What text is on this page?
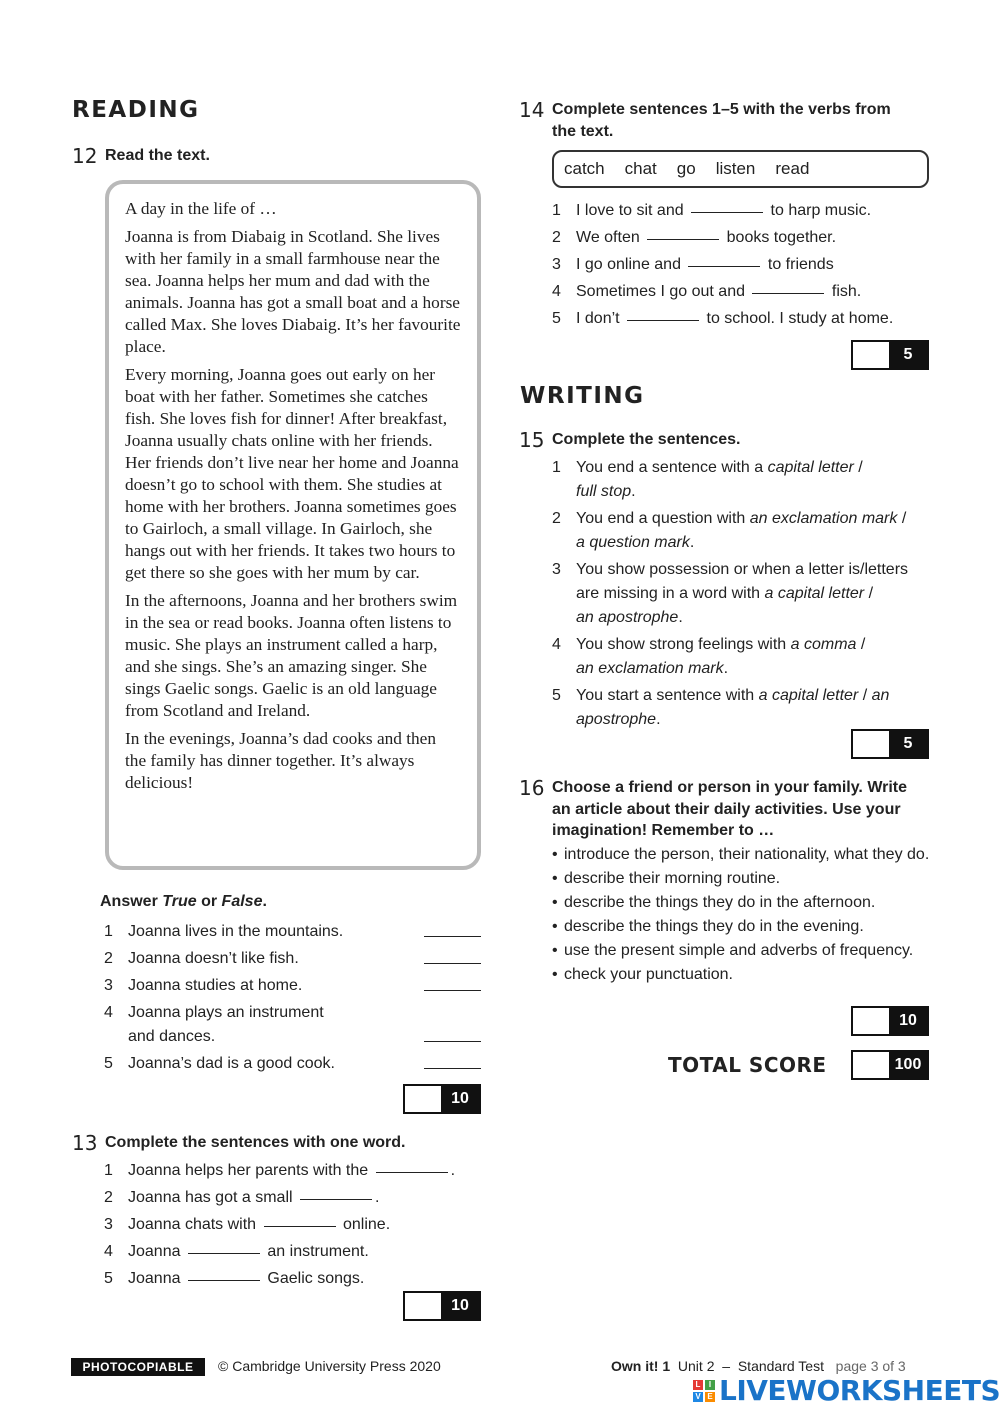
READING
12 Read the text.

A day in the life of …

Joanna is from Diabaig in Scotland. She lives with her family in a small farmhouse near the sea. Joanna helps her mum and dad with the animals. Joanna has got a small boat and a horse called Max. She loves Diabaig. It’s her favourite place.

Every morning, Joanna goes out early on her boat with her father. Sometimes she catches fish. She loves fish for dinner! After breakfast, Joanna usually chats online with her friends. Her friends don’t live near her home and Joanna doesn’t go to school with them. She studies at home with her brothers. Joanna sometimes goes to Gairloch, a small village. In Gairloch, she hangs out with her friends. It takes two hours to get there so she goes with her mum by car.

In the afternoons, Joanna and her brothers swim in the sea or read books. Joanna often listens to music. She plays an instrument called a harp, and she sings. She’s an amazing singer. She sings Gaelic songs. Gaelic is an old language from Scotland and Ireland.

In the evenings, Joanna’s dad cooks and then the family has dinner together. It’s always delicious!

Answer True or False.
1 Joanna lives in the mountains.
2 Joanna doesn’t like fish.
3 Joanna studies at home.
4 Joanna plays an instrument
and dances.
5 Joanna’s dad is a good cook.
10
13 Complete the sentences with one word.
1 Joanna helps her parents with the	.
2 Joanna has got a small	.
3 Joanna chats with	online.
4 Joanna	an instrument.
5 Joanna	Gaelic songs.
10
14 Complete sentences 1–5 with the verbs from the text.
catch chat go listen read
1 I love to sit and	to harp music.
2 We often	books together.
3 I go online and	to friends
4 Sometimes I go out and	fish.
5 I don’t	to school. I study at home.
5
WRITING
15 Complete the sentences.
1 You end a sentence with a capital letter /
full stop.
2 You end a question with an exclamation mark /
a question mark.
3 You show possession or when a letter is/letters
are missing in a word with a capital letter /
an apostrophe.
4 You show strong feelings with a comma /
an exclamation mark.
5 You start a sentence with a capital letter / an
apostrophe.
5
16 Choose a friend or person in your family. Write an article about their daily activities. Use your imagination! Remember to …
• introduce the person, their nationality, what they do.
• describe their morning routine.
• describe the things they do in the afternoon.
• describe the things they do in the evening.
• use the present simple and adverbs of frequency.
• check your punctuation.
10
TOTAL SCORE	100
PHOTOCOPIABLE	© Cambridge University Press 2020	Own it! 1 Unit 2 – Standard Test page 3 of 3
L	I
V E LIVEWORKSHEETS
